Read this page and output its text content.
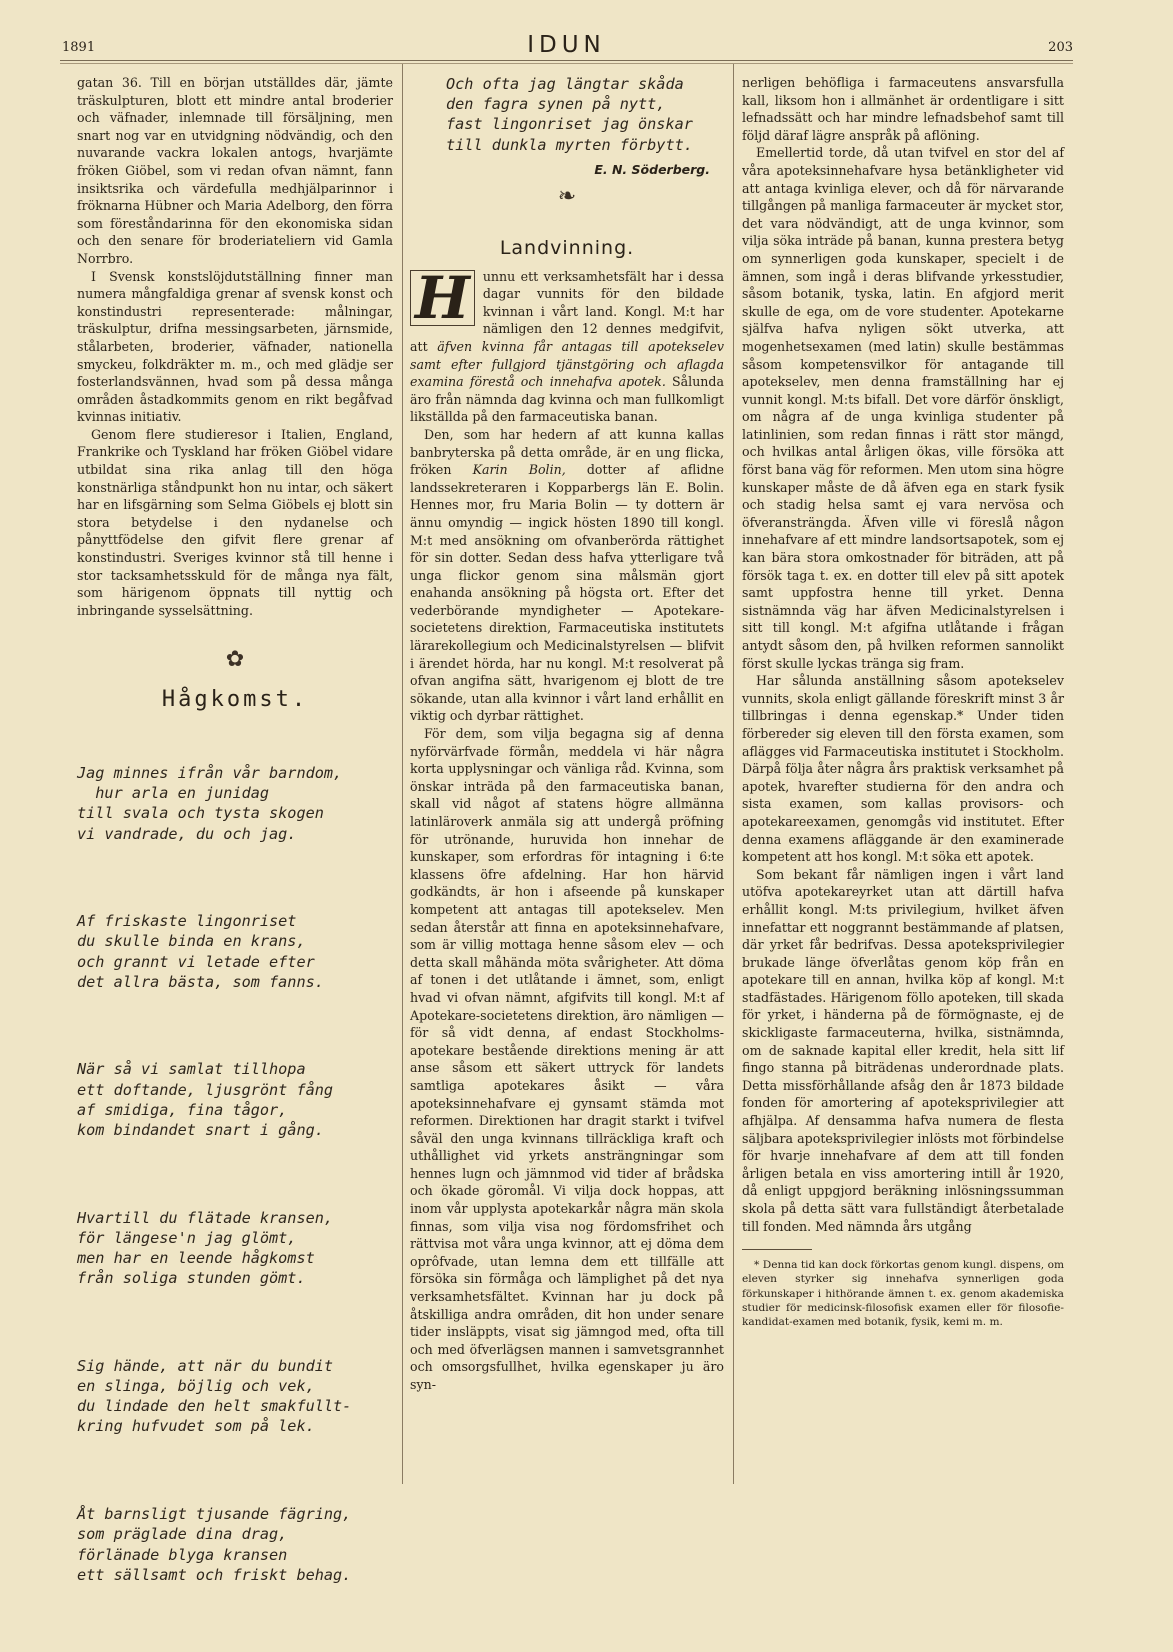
1891	IDUN	203

gatan 36. Till en början utställdes där, jämte träskulpturen, blott ett mindre antal broderier och väfnader, inlemnade till försäljning, men snart nog var en utvidgning nödvändig, och den nuvarande vackra lokalen antogs, hvarjämte fröken Giöbel, som vi redan ofvan nämnt, fann insiktsrika och värdefulla medhjälparinnor i fröknarna Hübner och Maria Adelborg, den förra som föreståndarinna för den ekonomiska sidan och den senare för broderiateliern vid Gamla Norrbro.

I Svensk konstslöjdutställning finner man numera mångfaldiga grenar af svensk konst och konstindustri representerade: målningar, träskulptur, drifna messingsarbeten, järnsmide, stålarbeten, broderier, väfnader, nationella smyckeu, folkdräkter m. m., och med glädje ser fosterlandsvännen, hvad som på dessa många områden åstadkommits genom en rikt begåfvad kvinnas initiativ.

Genom flere studieresor i Italien, England, Frankrike och Tyskland har fröken Giöbel vidare utbildat sina rika anlag till den höga konstnärliga ståndpunkt hon nu intar, och säkert har en lifsgärning som Selma Giöbels ej blott sin stora betydelse i den nydanelse och pånyttfödelse den gifvit flere grenar af konstindustri. Sveriges kvinnor stå till henne i stor tacksamhetsskuld för de många nya fält, som härigenom öppnats till nyttig och inbringande sysselsättning.

✿
Hågkomst.

Jag minnes ifrån vår barndom,
hur arla en junidag
till svala och tysta skogen
vi vandrade, du och jag.

Af friskaste lingonriset
du skulle binda en krans,
och grannt vi letade efter
det allra bästa, som fanns.

När så vi samlat tillhopa
ett doftande, ljusgrönt fång
af smidiga, fina tågor,
kom bindandet snart i gång.

Hvartill du flätade kransen,
för längese'n jag glömt,
men har en leende hågkomst
från soliga stunden gömt.

Sig hände, att när du bundit
en slinga, böjlig och vek,
du lindade den helt smakfullt-
kring hufvudet som på lek.

Åt barnsligt tjusande fägring,
som präglade dina drag,
förlänade blyga kransen
ett sällsamt och friskt behag.

Och ofta jag längtar skåda
den fagra synen på nytt,
fast lingonriset jag önskar
till dunkla myrten förbytt.
E. N. Söderberg.
❧
Landvinning.

H	unnu ett verksamhetsfält har i dessa dagar vunnits för den bildade kvinnan i vårt land. Kongl. M:t har nämligen den 12 dennes medgifvit, att äfven kvinna får antagas till apotekselev samt efter fullgjord tjänstgöring och aflagda examina förestå och innehafva apotek. Sålunda äro från nämnda dag kvinna och man fullkomligt likställda på den farmaceutiska banan.

Den, som har hedern af att kunna kallas banbryterska på detta område, är en ung flicka, fröken Karin Bolin, dotter af aflidne landssekreteraren i Kopparbergs län E. Bolin. Hennes mor, fru Maria Bolin — ty dottern är ännu omyndig — ingick hösten 1890 till kongl. M:t med ansökning om ofvanberörda rättighet för sin dotter. Sedan dess hafva ytterligare två unga flickor genom sina målsmän gjort enahanda ansökning på högsta ort. Efter det vederbörande myndigheter — Apotekare-societetens direktion, Farmaceutiska institutets lärarekollegium och Medicinalstyrelsen — blifvit i ärendet hörda, har nu kongl. M:t resolverat på ofvan angifna sätt, hvarigenom ej blott de tre sökande, utan alla kvinnor i vårt land erhållit en viktig och dyrbar rättighet.

För dem, som vilja begagna sig af denna nyförvärfvade förmån, meddela vi här några korta upplysningar och vänliga råd. Kvinna, som önskar inträda på den farmaceutiska banan, skall vid något af statens högre allmänna latinläroverk anmäla sig att undergå pröfning för utrönande, huruvida hon innehar de kunskaper, som erfordras för intagning i 6:te klassens öfre afdelning. Har hon härvid godkändts, är hon i afseende på kunskaper kompetent att antagas till apotekselev. Men sedan återstår att finna en apoteksinnehafvare, som är villig mottaga henne såsom elev — och detta skall måhända möta svårigheter. Att döma af tonen i det utlåtande i ämnet, som, enligt hvad vi ofvan nämnt, afgifvits till kongl. M:t af Apotekare-societetens direktion, äro nämligen — för så vidt denna, af endast Stockholms-apotekare bestående direktions mening är att anse såsom ett säkert uttryck för landets samtliga apotekares åsikt — våra apoteksinnehafvare ej gynsamt stämda mot reformen. Direktionen har dragit starkt i tvifvel såväl den unga kvinnans tillräckliga kraft och uthållighet vid yrkets ansträngningar som hennes lugn och jämnmod vid tider af brådska och ökade göromål. Vi vilja dock hoppas, att inom vår upplysta apotekarkår några män skola finnas, som vilja visa nog fördomsfrihet och rättvisa mot våra unga kvinnor, att ej döma dem oprôfvade, utan lemna dem ett tillfälle att försöka sin förmåga och lämplighet på det nya verksamhetsfältet. Kvinnan har ju dock på åtskilliga andra områden, dit hon under senare tider insläppts, visat sig jämngod med, ofta till och med öfverlägsen mannen i samvetsgrannhet och omsorgsfullhet, hvilka egenskaper ju äro syn-

nerligen behöfliga i farmaceutens ansvarsfulla kall, liksom hon i allmänhet är ordentligare i sitt lefnadssätt och har mindre lefnadsbehof samt till följd däraf lägre anspråk på aflöning.

Emellertid torde, då utan tvifvel en stor del af våra apoteksinnehafvare hysa betänkligheter vid att antaga kvinliga elever, och då för närvarande tillgången på manliga farmaceuter är mycket stor, det vara nödvändigt, att de unga kvinnor, som vilja söka inträde på banan, kunna prestera betyg om synnerligen goda kunskaper, specielt i de ämnen, som ingå i deras blifvande yrkesstudier, såsom botanik, tyska, latin. En afgjord merit skulle de ega, om de vore studenter. Apotekarne själfva hafva nyligen sökt utverka, att mogenhetsexamen (med latin) skulle bestämmas såsom kompetensvilkor för antagande till apotekselev, men denna framställning har ej vunnit kongl. M:ts bifall. Det vore därför önskligt, om några af de unga kvinliga studenter på latinlinien, som redan finnas i rätt stor mängd, och hvilkas antal årligen ökas, ville försöka att först bana väg för reformen. Men utom sina högre kunskaper måste de då äfven ega en stark fysik och stadig helsa samt ej vara nervösa och öfveransträngda. Äfven ville vi föreslå någon innehafvare af ett mindre landsortsapotek, som ej kan bära stora omkostnader för biträden, att på försök taga t. ex. en dotter till elev på sitt apotek samt uppfostra henne till yrket. Denna sistnämnda väg har äfven Medicinalstyrelsen i sitt till kongl. M:t afgifna utlåtande i frågan antydt såsom den, på hvilken reformen sannolikt först skulle lyckas tränga sig fram.

Har sålunda anställning såsom apotekselev vunnits, skola enligt gällande föreskrift minst 3 år tillbringas i denna egenskap.* Under tiden förbereder sig eleven till den första examen, som aflägges vid Farmaceutiska institutet i Stockholm. Därpå följa åter några års praktisk verksamhet på apotek, hvarefter studierna för den andra och sista examen, som kallas provisors- och apotekareexamen, genomgås vid institutet. Efter denna examens afläggande är den examinerade kompetent att hos kongl. M:t söka ett apotek.

Som bekant får nämligen ingen i vårt land utöfva apotekareyrket utan att därtill hafva erhållit kongl. M:ts privilegium, hvilket äfven innefattar ett noggrannt bestämmande af platsen, där yrket får bedrifvas. Dessa apoteksprivilegier brukade länge öfverlåtas genom köp från en apotekare till en annan, hvilka köp af kongl. M:t stadfästades. Härigenom föllo apoteken, till skada för yrket, i händerna på de förmögnaste, ej de skickligaste farmaceuterna, hvilka, sistnämnda, om de saknade kapital eller kredit, hela sitt lif fingo stanna på biträdenas underordnade plats. Detta missförhållande afsåg den år 1873 bildade fonden för amortering af apoteksprivilegier att afhjälpa. Af densamma hafva numera de flesta säljbara apoteksprivilegier inlösts mot förbindelse för hvarje innehafvare af dem att till fonden årligen betala en viss amortering intill år 1920, då enligt uppgjord beräkning inlösningssumman skola på detta sätt vara fullständigt återbetalade till fonden. Med nämnda års utgång

* Denna tid kan dock förkortas genom kungl. dispens, om eleven styrker sig innehafva synnerligen goda förkunskaper i hithörande ämnen t. ex. genom akademiska studier för medicinsk-filosofisk examen eller för filosofie-kandidat-examen med botanik, fysik, kemi m. m.
